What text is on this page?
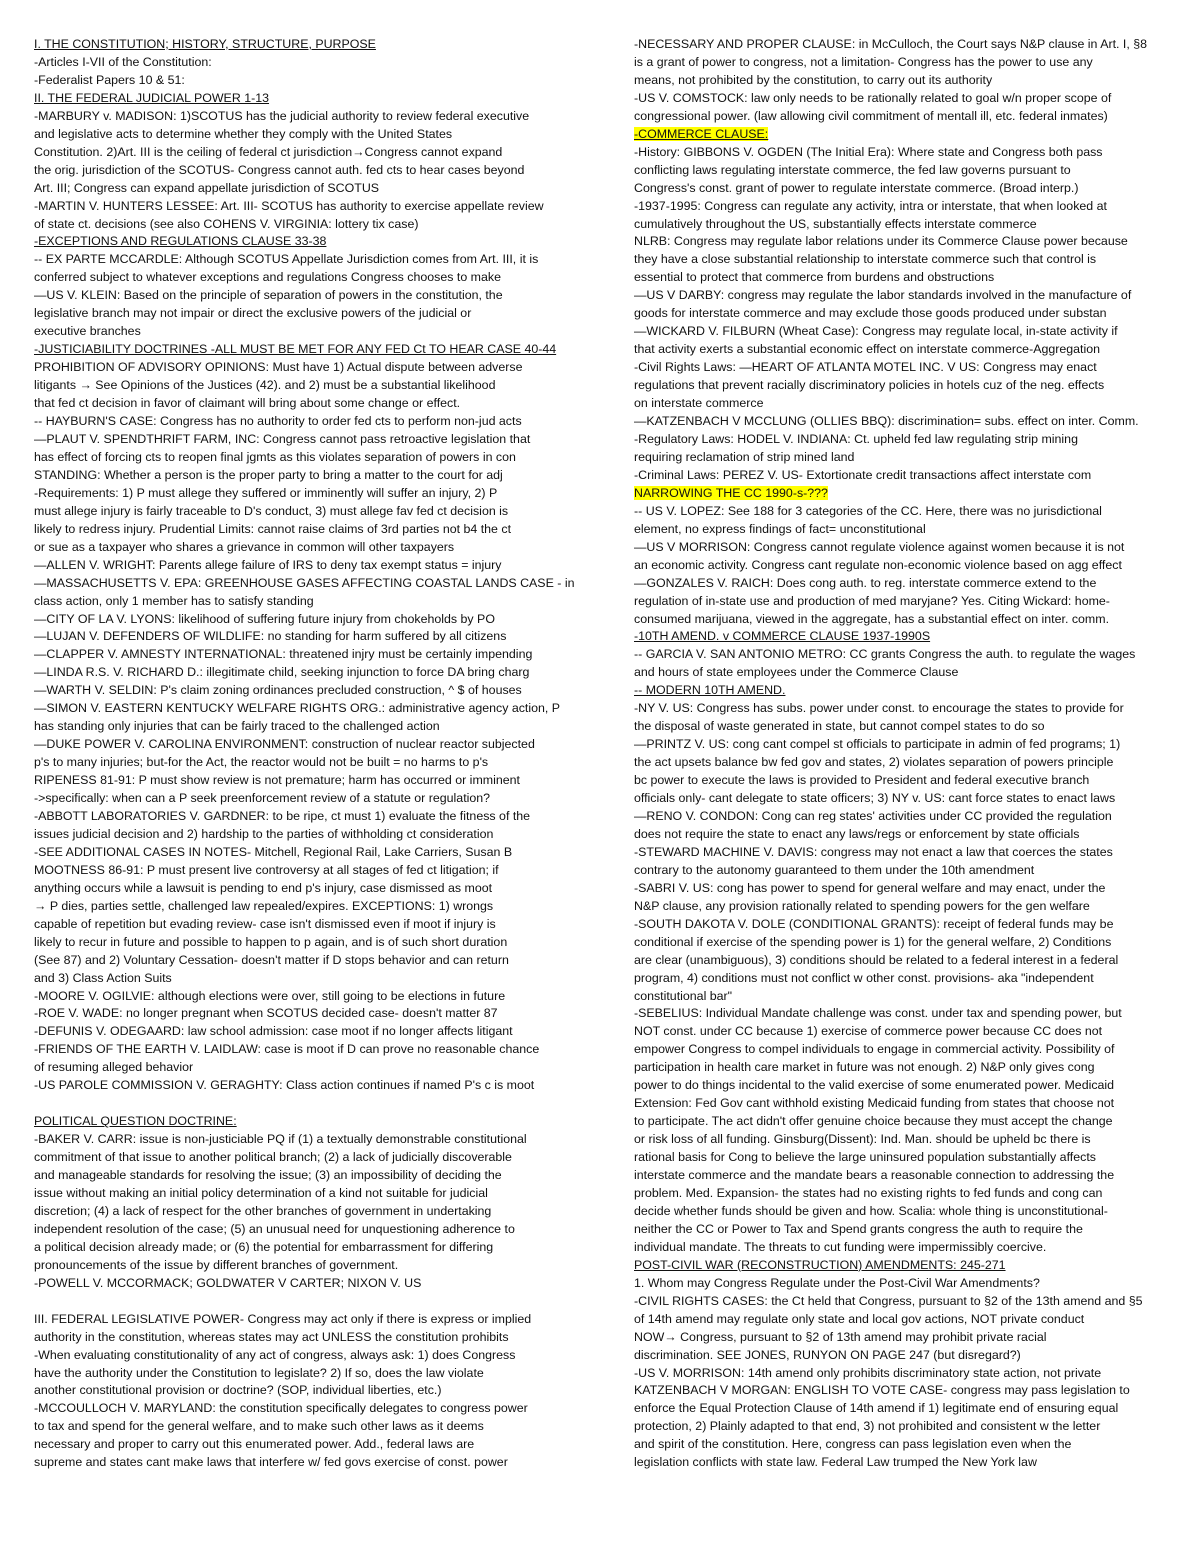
I. THE CONSTITUTION; HISTORY, STRUCTURE, PURPOSE
-Articles I-VII of the Constitution:
-Federalist Papers 10 & 51:
II. THE FEDERAL JUDICIAL POWER 1-13
-MARBURY v. MADISON: 1)SCOTUS has the judicial authority to review federal executive
and legislative acts to determine whether they comply with the United States
Constitution. 2)Art. III is the ceiling of federal ct jurisdiction→Congress cannot expand
the orig. jurisdiction of the SCOTUS- Congress cannot auth. fed cts to hear cases beyond
Art. III; Congress can expand appellate jurisdiction of SCOTUS
-MARTIN V. HUNTERS LESSEE: Art. III- SCOTUS has authority to exercise appellate review
of state ct. decisions (see also COHENS V. VIRGINIA: lottery tix case)
-EXCEPTIONS AND REGULATIONS CLAUSE 33-38
-- EX PARTE MCCARDLE: Although SCOTUS Appellate Jurisdiction comes from Art. III, it is
conferred subject to whatever exceptions and regulations Congress chooses to make
—US V. KLEIN: Based on the principle of separation of powers in the constitution, the
legislative branch may not impair or direct the exclusive powers of the judicial or
executive branches
-JUSTICIABILITY DOCTRINES -ALL MUST BE MET FOR ANY FED Ct TO HEAR CASE 40-44
PROHIBITION OF ADVISORY OPINIONS: Must have 1) Actual dispute between adverse
litigants → See Opinions of the Justices (42). and 2) must be a substantial likelihood
that fed ct decision in favor of claimant will bring about some change or effect.
-- HAYBURN'S CASE: Congress has no authority to order fed cts to perform non-jud acts
—PLAUT V. SPENDTHRIFT FARM, INC: Congress cannot pass retroactive legislation that
has effect of forcing cts to reopen final jgmts as this violates separation of powers in con
STANDING: Whether a person is the proper party to bring a matter to the court for adj
-Requirements: 1) P must allege they suffered or imminently will suffer an injury, 2) P
must allege injury is fairly traceable to D's conduct, 3) must allege fav fed ct decision is
likely to redress injury. Prudential Limits: cannot raise claims of 3rd parties not b4 the ct
or sue as a taxpayer who shares a grievance in common will other taxpayers
—ALLEN V. WRIGHT: Parents allege failure of IRS to deny tax exempt status = injury
—MASSACHUSETTS V. EPA: GREENHOUSE GASES AFFECTING COASTAL LANDS CASE - in
class action, only 1 member has to satisfy standing
—CITY OF LA V. LYONS: likelihood of suffering future injury from chokeholds by PO
—LUJAN V. DEFENDERS OF WILDLIFE: no standing for harm suffered by all citizens
—CLAPPER V. AMNESTY INTERNATIONAL: threatened injry must be certainly impending
—LINDA R.S. V. RICHARD D.: illegitimate child, seeking injunction to force DA bring charg
—WARTH V. SELDIN: P's claim zoning ordinances precluded construction, ^ $ of houses
—SIMON V. EASTERN KENTUCKY WELFARE RIGHTS ORG.: administrative agency action, P
has standing only injuries that can be fairly traced to the challenged action
—DUKE POWER V. CAROLINA ENVIRONMENT: construction of nuclear reactor subjected
p's to many injuries; but-for the Act, the reactor would not be built = no harms to p's
RIPENESS 81-91: P must show review is not premature; harm has occurred or imminent
->specifically: when can a P seek preenforcement review of a statute or regulation?
-ABBOTT LABORATORIES V. GARDNER: to be ripe, ct must 1) evaluate the fitness of the
issues judicial decision and 2) hardship to the parties of withholding ct consideration
-SEE ADDITIONAL CASES IN NOTES- Mitchell, Regional Rail, Lake Carriers, Susan B
MOOTNESS 86-91: P must present live controversy at all stages of fed ct litigation; if
anything occurs while a lawsuit is pending to end p's injury, case dismissed as moot
→ P dies, parties settle, challenged law repealed/expires. EXCEPTIONS: 1) wrongs
capable of repetition but evading review- case isn't dismissed even if moot if injury is
likely to recur in future and possible to happen to p again, and is of such short duration
(See 87) and 2) Voluntary Cessation- doesn't matter if D stops behavior and can return
and 3) Class Action Suits
-MOORE V. OGILVIE: although elections were over, still going to be elections in future
-ROE V. WADE: no longer pregnant when SCOTUS decided case- doesn't matter 87
-DEFUNIS V. ODEGAARD: law school admission: case moot if no longer affects litigant
-FRIENDS OF THE EARTH V. LAIDLAW: case is moot if D can prove no reasonable chance
of resuming alleged behavior
-US PAROLE COMMISSION V. GERAGHTY: Class action continues if named P's c is moot
POLITICAL QUESTION DOCTRINE:
-BAKER V. CARR: issue is non-justiciable PQ if (1) a textually demonstrable constitutional
commitment of that issue to another political branch; (2) a lack of judicially discoverable
and manageable standards for resolving the issue; (3) an impossibility of deciding the
issue without making an initial policy determination of a kind not suitable for judicial
discretion; (4) a lack of respect for the other branches of government in undertaking
independent resolution of the case; (5) an unusual need for unquestioning adherence to
a political decision already made; or (6) the potential for embarrassment for differing
pronouncements of the issue by different branches of government.
-POWELL V. MCCORMACK; GOLDWATER V CARTER; NIXON V. US
III. FEDERAL LEGISLATIVE POWER- Congress may act only if there is express or implied
authority in the constitution, whereas states may act UNLESS the constitution prohibits
-When evaluating constitutionality of any act of congress, always ask: 1) does Congress
have the authority under the Constitution to legislate? 2) If so, does the law violate
another constitutional provision or doctrine? (SOP, individual liberties, etc.)
-MCCOULLOCH V. MARYLAND: the constitution specifically delegates to congress power
to tax and spend for the general welfare, and to make such other laws as it deems
necessary and proper to carry out this enumerated power. Add., federal laws are
supreme and states cant make laws that interfere w/ fed govs exercise of const. power
-NECESSARY AND PROPER CLAUSE: in McCulloch, the Court says N&P clause in Art. I, §8
is a grant of power to congress, not a limitation- Congress has the power to use any
means, not prohibited by the constitution, to carry out its authority
-US V. COMSTOCK: law only needs to be rationally related to goal w/n proper scope of
congressional power. (law allowing civil commitment of mentall ill, etc. federal inmates)
-COMMERCE CLAUSE:
-History: GIBBONS V. OGDEN (The Initial Era): Where state and Congress both pass
conflicting laws regulating interstate commerce, the fed law governs pursuant to
Congress's const. grant of power to regulate interstate commerce. (Broad interp.)
-1937-1995: Congress can regulate any activity, intra or interstate, that when looked at
cumulatively throughout the US, substantially effects interstate commerce
NLRB: Congress may regulate labor relations under its Commerce Clause power because
they have a close substantial relationship to interstate commerce such that control is
essential to protect that commerce from burdens and obstructions
—US V DARBY: congress may regulate the labor standards involved in the manufacture of
goods for interstate commerce and may exclude those goods produced under substan
—WICKARD V. FILBURN (Wheat Case): Congress may regulate local, in-state activity if
that activity exerts a substantial economic effect on interstate commerce-Aggregation
-Civil Rights Laws: —HEART OF ATLANTA MOTEL INC. V US: Congress may enact
regulations that prevent racially discriminatory policies in hotels cuz of the neg. effects
on interstate commerce
—KATZENBACH V MCCLUNG (OLLIES BBQ): discrimination= subs. effect on inter. Comm.
-Regulatory Laws: HODEL V. INDIANA: Ct. upheld fed law regulating strip mining
requiring reclamation of strip mined land
-Criminal Laws: PEREZ V. US- Extortionate credit transactions affect interstate com
NARROWING THE CC 1990-s-???
-- US V. LOPEZ: See 188 for 3 categories of the CC. Here, there was no jurisdictional
element, no express findings of fact= unconstitutional
—US V MORRISON: Congress cannot regulate violence against women because it is not
an economic activity. Congress cant regulate non-economic violence based on agg effect
—GONZALES V. RAICH: Does cong auth. to reg. interstate commerce extend to the
regulation of in-state use and production of med maryjane? Yes. Citing Wickard: home-
consumed marijuana, viewed in the aggregate, has a substantial effect on inter. comm.
-10TH AMEND. v COMMERCE CLAUSE 1937-1990S
-- GARCIA V. SAN ANTONIO METRO: CC grants Congress the auth. to regulate the wages
and hours of state employees under the Commerce Clause
-- MODERN 10TH AMEND.
-NY V. US: Congress has subs. power under const. to encourage the states to provide for
the disposal of waste generated in state, but cannot compel states to do so
—PRINTZ V. US: cong cant compel st officials to participate in admin of fed programs; 1)
the act upsets balance bw fed gov and states, 2) violates separation of powers principle
bc power to execute the laws is provided to President and federal executive branch
officials only- cant delegate to state officers; 3) NY v. US: cant force states to enact laws
—RENO V. CONDON: Cong can reg states' activities under CC provided the regulation
does not require the state to enact any laws/regs or enforcement by state officials
-STEWARD MACHINE V. DAVIS: congress may not enact a law that coerces the states
contrary to the autonomy guaranteed to them under the 10th amendment
-SABRI V. US: cong has power to spend for general welfare and may enact, under the
N&P clause, any provision rationally related to spending powers for the gen welfare
-SOUTH DAKOTA V. DOLE (CONDITIONAL GRANTS): receipt of federal funds may be
conditional if exercise of the spending power is 1) for the general welfare, 2) Conditions
are clear (unambiguous), 3) conditions should be related to a federal interest in a federal
program, 4) conditions must not conflict w other const. provisions- aka "independent
constitutional bar"
-SEBELIUS: Individual Mandate challenge was const. under tax and spending power, but
NOT const. under CC because 1) exercise of commerce power because CC does not
empower Congress to compel individuals to engage in commercial activity. Possibility of
participation in health care market in future was not enough. 2) N&P only gives cong
power to do things incidental to the valid exercise of some enumerated power. Medicaid
Extension: Fed Gov cant withhold existing Medicaid funding from states that choose not
to participate. The act didn't offer genuine choice because they must accept the change
or risk loss of all funding. Ginsburg(Dissent): Ind. Man. should be upheld bc there is
rational basis for Cong to believe the large uninsured population substantially affects
interstate commerce and the mandate bears a reasonable connection to addressing the
problem. Med. Expansion- the states had no existing rights to fed funds and cong can
decide whether funds should be given and how. Scalia: whole thing is unconstitutional-
neither the CC or Power to Tax and Spend grants congress the auth to require the
individual mandate. The threats to cut funding were impermissibly coercive.
POST-CIVIL WAR (RECONSTRUCTION) AMENDMENTS: 245-271
1. Whom may Congress Regulate under the Post-Civil War Amendments?
-CIVIL RIGHTS CASES: the Ct held that Congress, pursuant to §2 of the 13th amend and §5
of 14th amend may regulate only state and local gov actions, NOT private conduct
NOW→ Congress, pursuant to §2 of 13th amend may prohibit private racial
discrimination. SEE JONES, RUNYON ON PAGE 247 (but disregard?)
-US V. MORRISON: 14th amend only prohibits discriminatory state action, not private
KATZENBACH V MORGAN: ENGLISH TO VOTE CASE- congress may pass legislation to
enforce the Equal Protection Clause of 14th amend if 1) legitimate end of ensuring equal
protection, 2) Plainly adapted to that end, 3) not prohibited and consistent w the letter
and spirit of the constitution. Here, congress can pass legislation even when the
legislation conflicts with state law. Federal Law trumped the New York law
